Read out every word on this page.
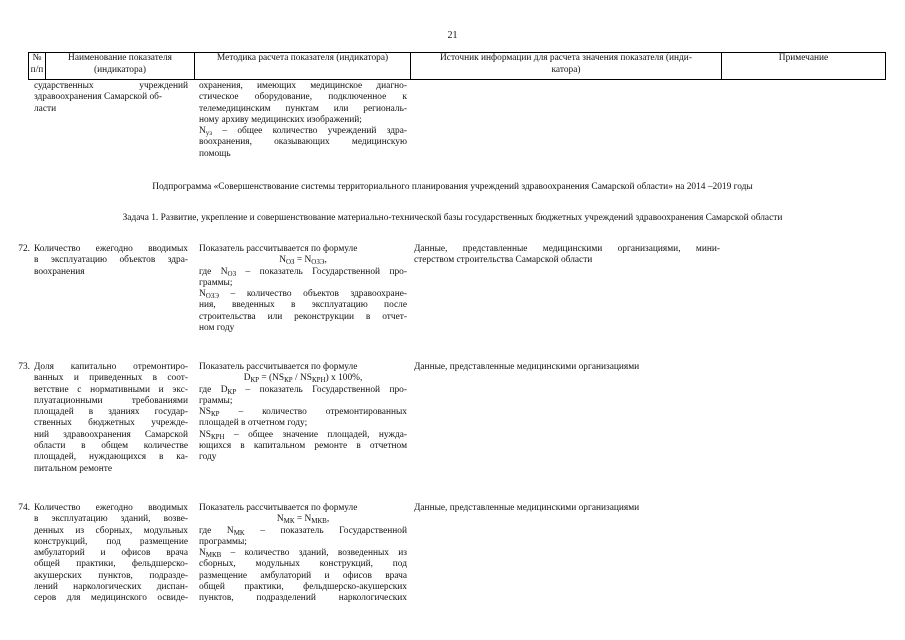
21
№
п/п
Наименование показателя
(индикатора)
Методика расчета показателя (индикатора)	Источник информации для расчета значения показателя (инди-
катора)
Примечание
сударственных учреждений
здравоохранения Самарской об-
ласти
охранения, имеющих медицинское диагно-
стическое оборудование, подключенное к
телемедицинским пунктам или региональ-
ному архиву медицинских изображений;
$N_{уз}$ – общее количество учреждений здра-
воохранения, оказывающих медицинскую
помощь
Подпрограмма «Совершенствование системы территориального планирования учреждений здравоохранения Самарской области» на 2014 –2019 годы
Задача 1. Развитие, укрепление и совершенствование материально-технической базы государственных бюджетных учреждений здравоохранения Самарской области
72. Количество ежегодно вводимых
в эксплуатацию объектов здра-
воохранения
Показатель рассчитывается по формуле
$N_{ОЗ} = N_{ОЗЭ}$,
где $N_{ОЗ}$ – показатель Государственной про-
граммы;
$N_{ОЗЭ}$ – количество объектов здравоохране-
ния, введенных в эксплуатацию после
строительства или реконструкции в отчет-
ном году
Данные, представленные медицинскими организациями, мини-
стерством строительства Самарской области
73. Доля капитально отремонтиро-
ванных и приведенных в соот-
ветствие с нормативными и экс-
плуатационными требованиями
площадей в зданиях государ-
ственных бюджетных учрежде-
ний здравоохранения Самарской
области в общем количестве
площадей, нуждающихся в ка-
питальном ремонте
Показатель рассчитывается по формуле
$D_{КР} = (NS_{КР} / NS_{КРН})$ х 100%,
где $D_{КР}$ – показатель Государственной про-
граммы;
$NS_{КР}$ – количество отремонтированных
площадей в отчетном году;
$NS_{КРН}$ – общее значение площадей, нужда-
ющихся в капитальном ремонте в отчетном
году
Данные, представленные медицинскими организациями
74. Количество ежегодно вводимых
в эксплуатацию зданий, возве-
денных из сборных, модульных
конструкций, под размещение
амбулаторий и офисов врача
общей практики, фельдшерско-
акушерских пунктов, подразде-
лений наркологических диспан-
серов для медицинского освиде-
Показатель рассчитывается по формуле
$N_{МК} = N_{МКВ}$,
где $N_{МК}$ – показатель Государственной
программы;
$N_{МКВ}$ – количество зданий, возведенных из
сборных, модульных конструкций, под
размещение амбулаторий и офисов врача
общей практики, фельдшерско-акушерских
пунктов, подразделений наркологических
Данные, представленные медицинскими организациями
